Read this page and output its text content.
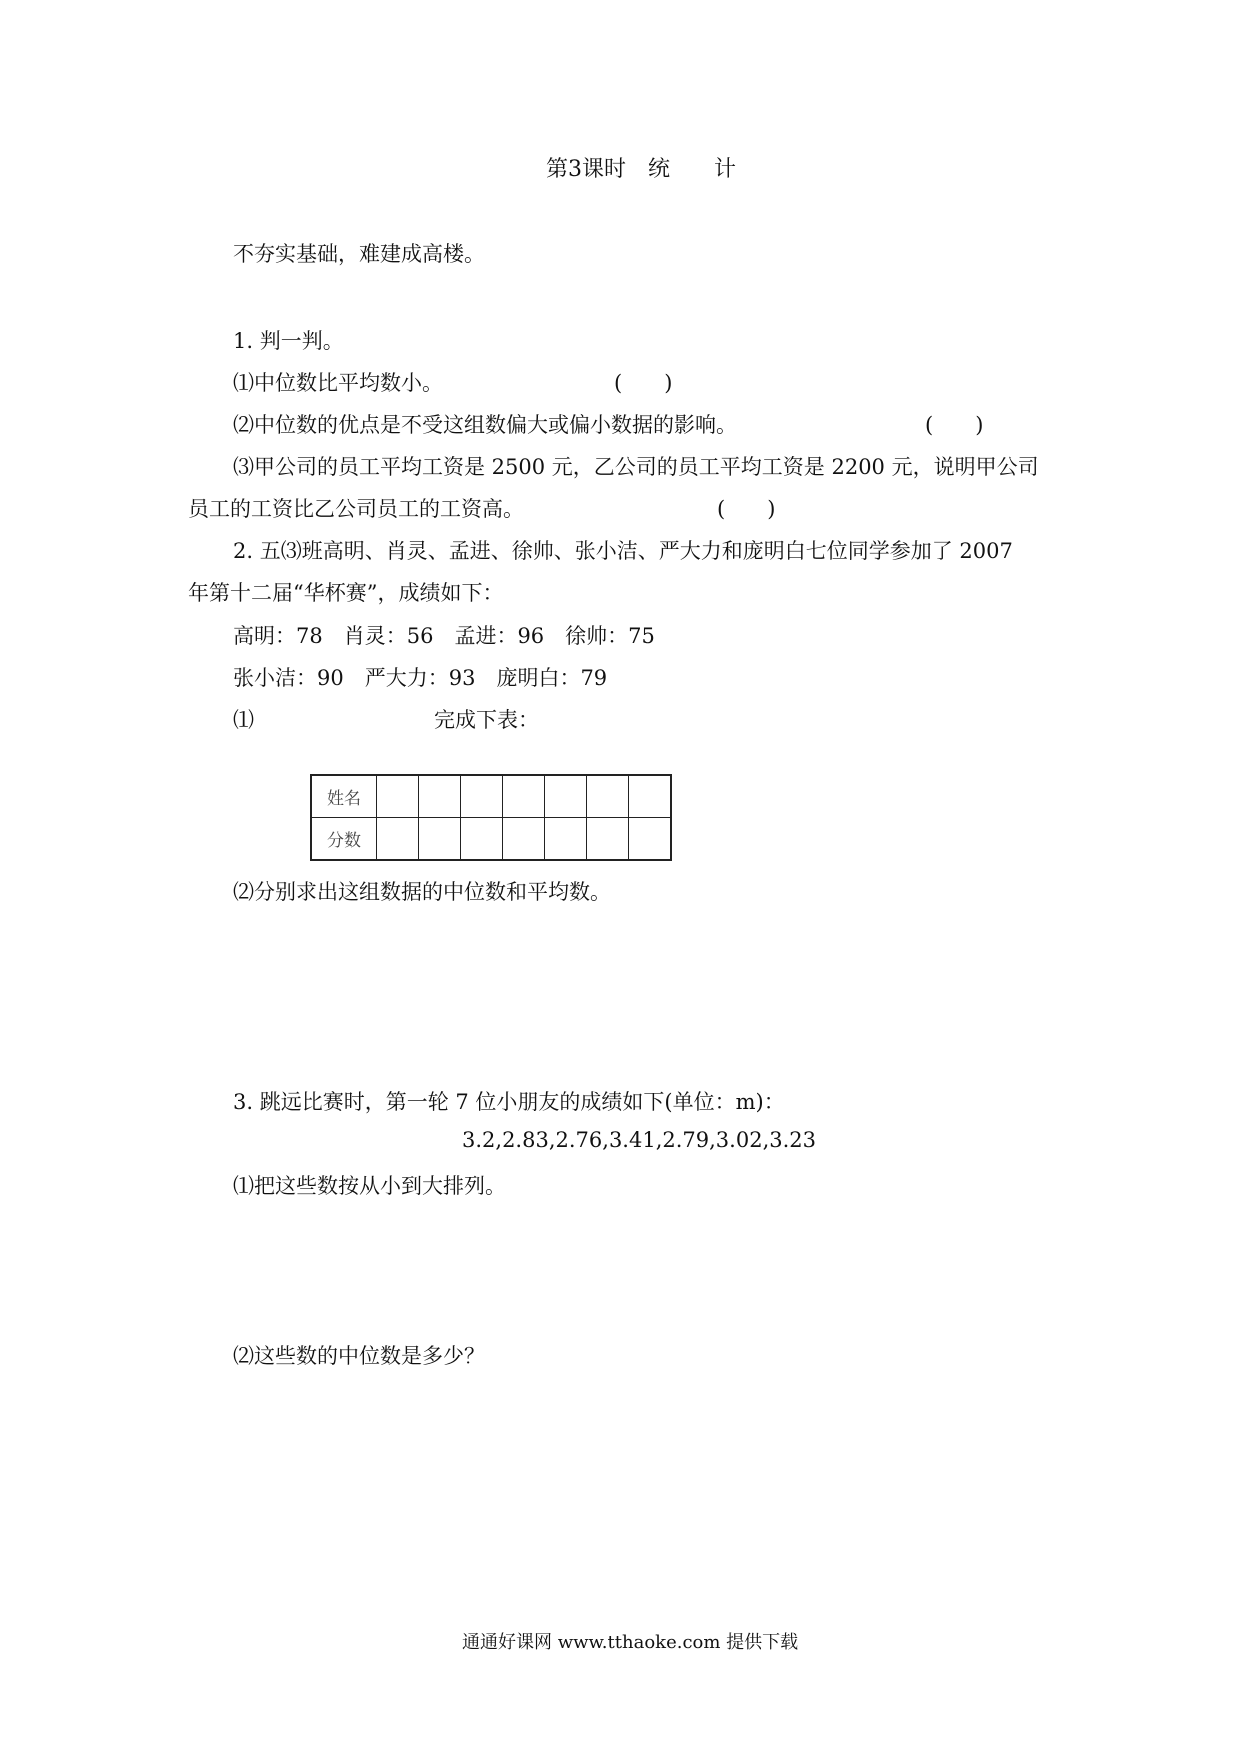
第3课时　统　　计
不夯实基础，难建成高楼。
1. 判一判。
⑴中位数比平均数小。	(　　)
⑵中位数的优点是不受这组数偏大或偏小数据的影响。	(　　)
⑶甲公司的员工平均工资是 2500 元，乙公司的员工平均工资是 2200 元，说明甲公司
员工的工资比乙公司员工的工资高。	(　　)
2. 五⑶班高明、肖灵、孟进、徐帅、张小洁、严大力和庞明白七位同学参加了 2007
年第十二届“华杯赛”，成绩如下：
高明：78　肖灵：56　孟进：96　徐帅：75
张小洁：90　严大力：93　庞明白：79
⑴	完成下表：
姓名							
分数							
⑵分别求出这组数据的中位数和平均数。
3. 跳远比赛时，第一轮 7 位小朋友的成绩如下(单位：m)：
3.2,2.83,2.76,3.41,2.79,3.02,3.23
⑴把这些数按从小到大排列。
⑵这些数的中位数是多少？
通通好课网 www.tthaoke.com 提供下载
